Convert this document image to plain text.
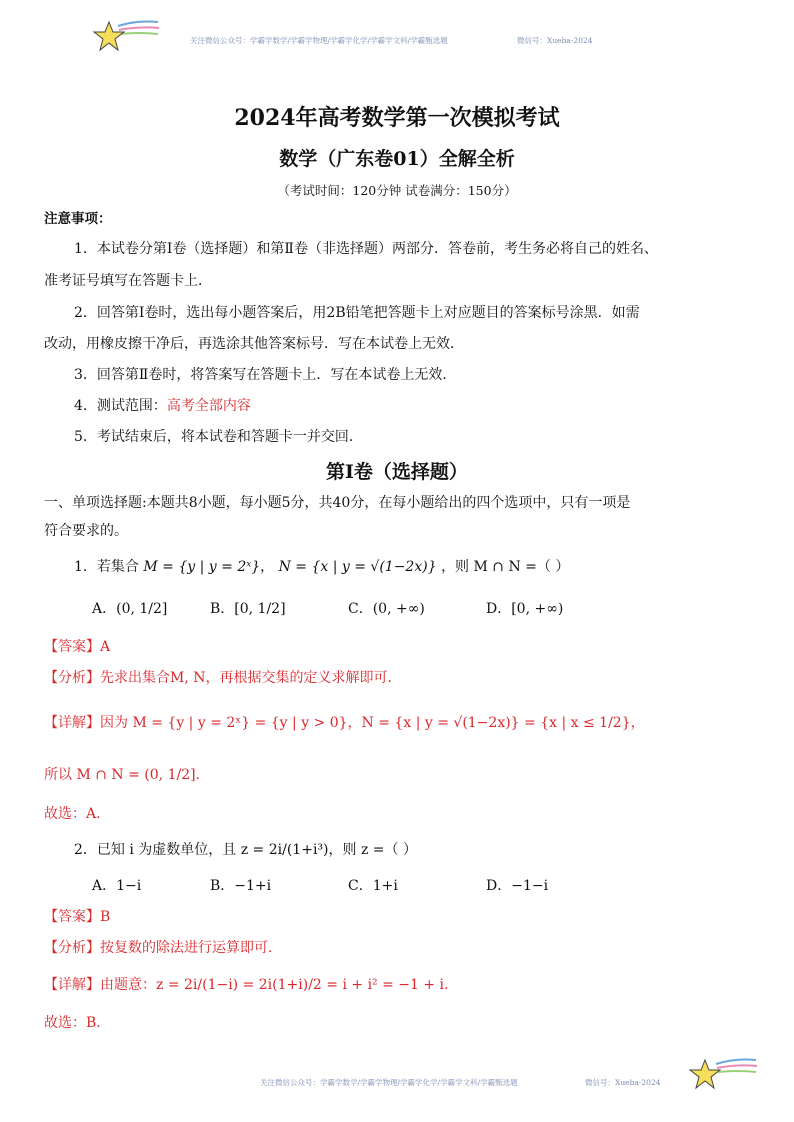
关注微信公众号：学霸学数学/学霸学物理/学霸学化学/学霸学文科/学霸甄选题	微信号：Xueba-2024
2024年高考数学第一次模拟考试
数学（广东卷01）全解全析
（考试时间：120分钟 试卷满分：150分）
注意事项：
1．本试卷分第Ⅰ卷（选择题）和第Ⅱ卷（非选择题）两部分．答卷前，考生务必将自己的姓名、
准考证号填写在答题卡上．
2．回答第Ⅰ卷时，选出每小题答案后，用2B铅笔把答题卡上对应题目的答案标号涂黑．如需
改动，用橡皮擦干净后，再选涂其他答案标号．写在本试卷上无效．
3．回答第Ⅱ卷时，将答案写在答题卡上．写在本试卷上无效．
4．测试范围：高考全部内容
5．考试结束后，将本试卷和答题卡一并交回．
第Ⅰ卷（选择题）
一、单项选择题:本题共8小题，每小题5分，共40分，在每小题给出的四个选项中，只有一项是
符合要求的。
1．若集合 M = {y | y = 2ˣ}， N = {x | y = √(1−2x)} ，则 M ∩ N =（ ）
A．(0, 1/2]	B．[0, 1/2]	C．(0, +∞)	D．[0, +∞)
【答案】A
【分析】先求出集合M, N，再根据交集的定义求解即可.
【详解】因为 M = {y | y = 2ˣ} = {y | y > 0}，N = {x | y = √(1−2x)} = {x | x ≤ 1/2}，
所以 M ∩ N = (0, 1/2].
故选：A.
2．已知 i 为虚数单位，且 z = 2i/(1+i³)，则 z =（ ）
A．1−i	B．−1+i	C．1+i	D．−1−i
【答案】B
【分析】按复数的除法进行运算即可.
【详解】由题意：z = 2i/(1−i) = 2i(1+i)/2 = i + i² = −1 + i.
故选：B.
关注微信公众号：学霸学数学/学霸学物理/学霸学化学/学霸学文科/学霸甄选题	微信号：Xueba-2024
